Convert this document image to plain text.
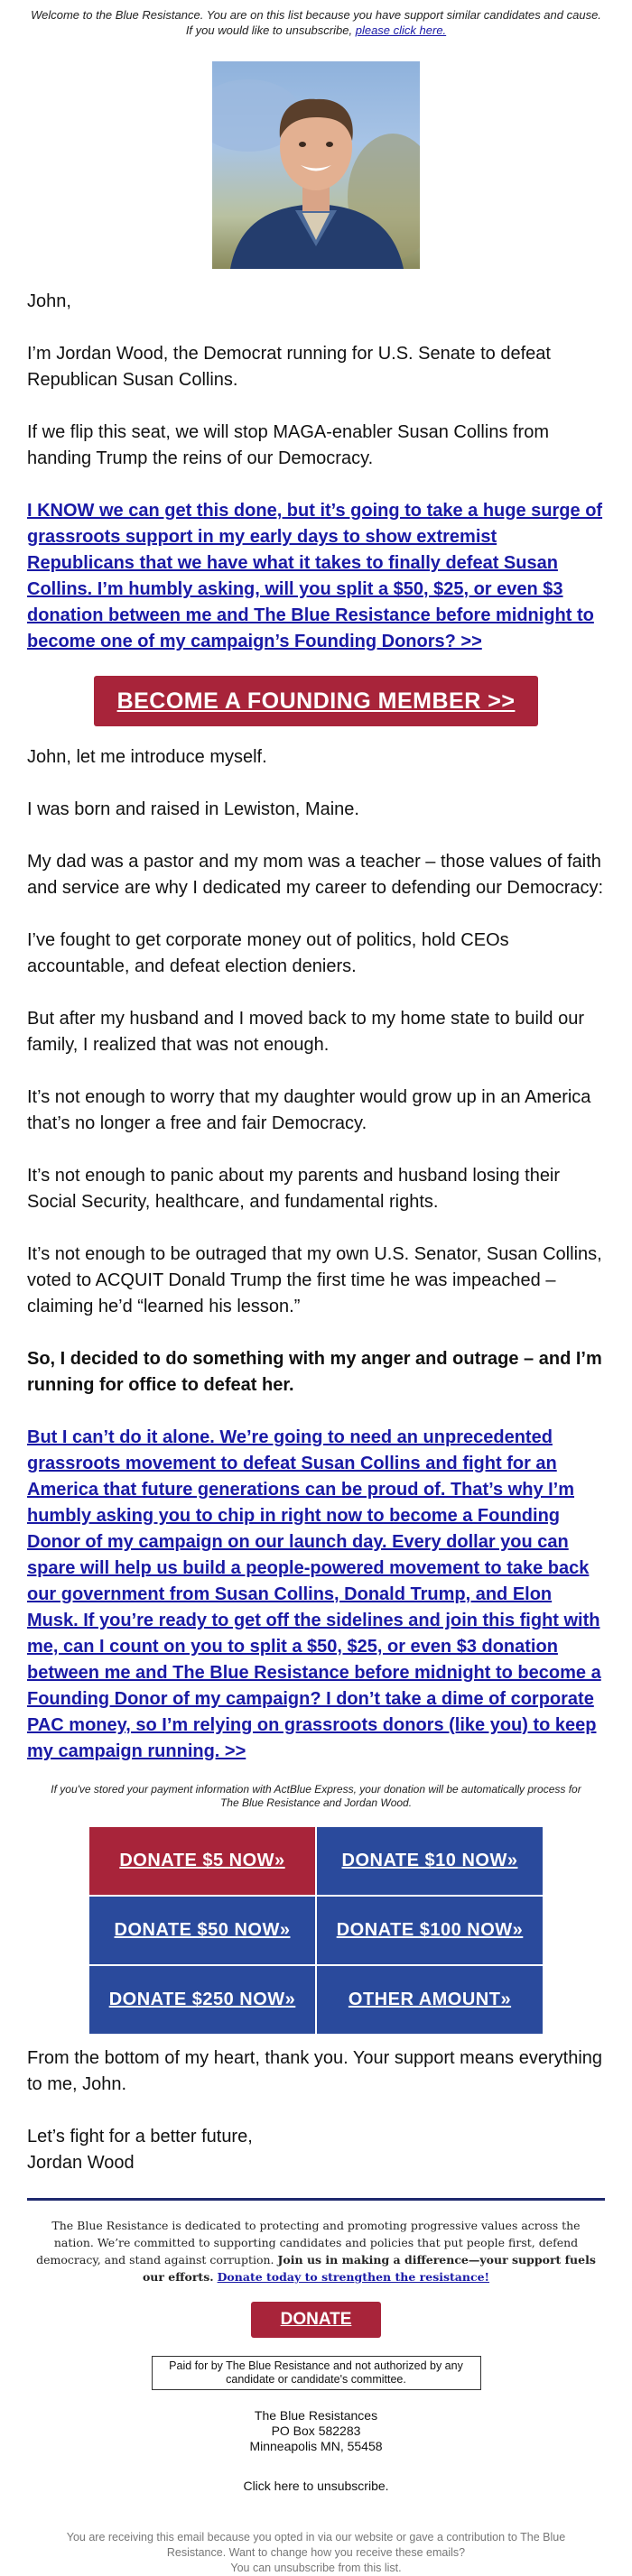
Welcome to the Blue Resistance. You are on this list because you have support similar candidates and cause. If you would like to unsubscribe, please click here.

John,

I’m Jordan Wood, the Democrat running for U.S. Senate to defeat Republican Susan Collins.

If we flip this seat, we will stop MAGA-enabler Susan Collins from handing Trump the reins of our Democracy.

I KNOW we can get this done, but it’s going to take a huge surge of grassroots support in my early days to show extremist Republicans that we have what it takes to finally defeat Susan Collins. I’m humbly asking, will you split a $50, $25, or even $3 donation between me and The Blue Resistance before midnight to become one of my campaign’s Founding Donors? >>

BECOME A FOUNDING MEMBER >>

John, let me introduce myself.

I was born and raised in Lewiston, Maine.

My dad was a pastor and my mom was a teacher – those values of faith and service are why I dedicated my career to defending our Democracy:

I’ve fought to get corporate money out of politics, hold CEOs accountable, and defeat election deniers.

But after my husband and I moved back to my home state to build our family, I realized that was not enough.

It’s not enough to worry that my daughter would grow up in an America that’s no longer a free and fair Democracy.

It’s not enough to panic about my parents and husband losing their Social Security, healthcare, and fundamental rights.

It’s not enough to be outraged that my own U.S. Senator, Susan Collins, voted to ACQUIT Donald Trump the first time he was impeached – claiming he’d “learned his lesson.”

So, I decided to do something with my anger and outrage – and I’m running for office to defeat her.

But I can’t do it alone. We’re going to need an unprecedented grassroots movement to defeat Susan Collins and fight for an America that future generations can be proud of. That’s why I’m humbly asking you to chip in right now to become a Founding Donor of my campaign on our launch day. Every dollar you can spare will help us build a people-powered movement to take back our government from Susan Collins, Donald Trump, and Elon Musk. If you’re ready to get off the sidelines and join this fight with me, can I count on you to split a $50, $25, or even $3 donation between me and The Blue Resistance before midnight to become a Founding Donor of my campaign? I don’t take a dime of corporate PAC money, so I’m relying on grassroots donors (like you) to keep my campaign running. >>

If you've stored your payment information with ActBlue Express, your donation will be automatically process for The Blue Resistance and Jordan Wood.

DONATE $5 NOW»	DONATE $10 NOW»
DONATE $50 NOW»	DONATE $100 NOW»
DONATE $250 NOW»	OTHER AMOUNT»

From the bottom of my heart, thank you. Your support means everything to me, John.

Let’s fight for a better future,

Jordan Wood

The Blue Resistance is dedicated to protecting and promoting progressive values across the nation. We’re committed to supporting candidates and policies that put people first, defend democracy, and stand against corruption. Join us in making a difference—your support fuels our efforts. Donate today to strengthen the resistance!

DONATE
Paid for by The Blue Resistance and not authorized by any candidate or candidate's committee.
The Blue Resistances
PO Box 582283
Minneapolis MN, 55458
Click here to unsubscribe.
You are receiving this email because you opted in via our website or gave a contribution to The Blue Resistance. Want to change how you receive these emails?
You can unsubscribe from this list.
